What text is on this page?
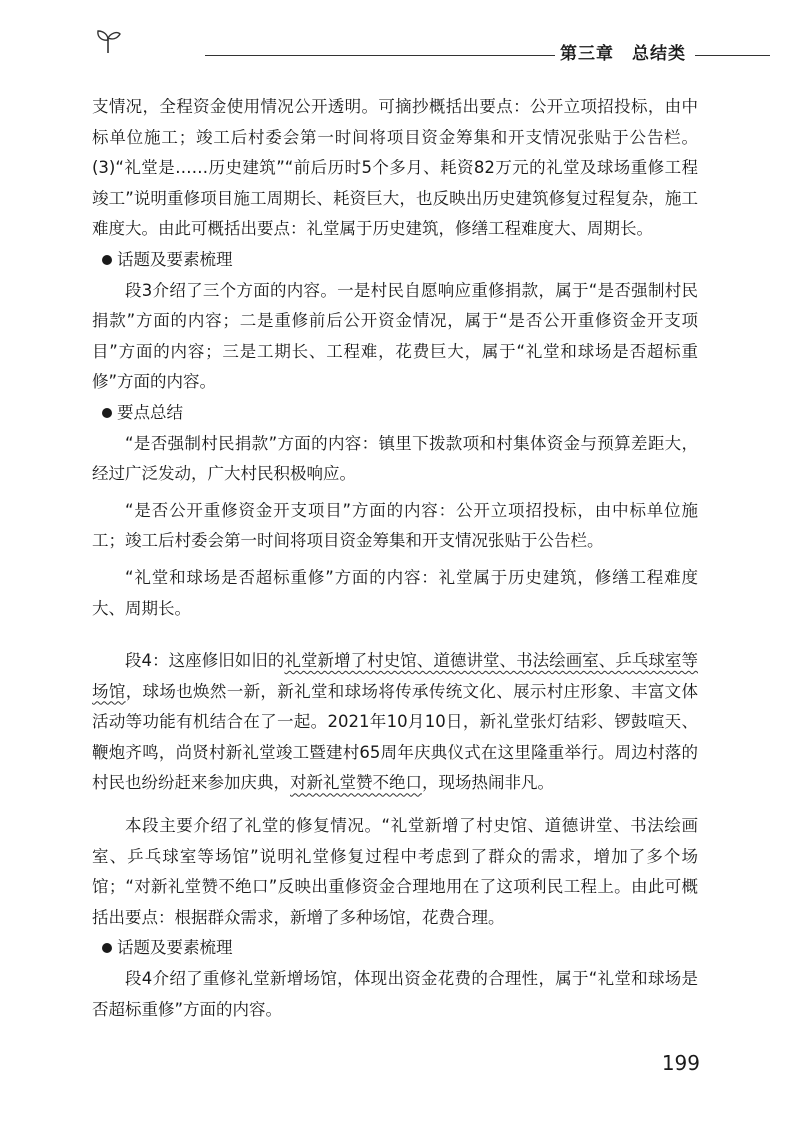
第三章　总结类

支情况，全程资金使用情况公开透明。可摘抄概括出要点：公开立项招投标，由中标单位施工；竣工后村委会第一时间将项目资金筹集和开支情况张贴于公告栏。(3)“礼堂是……历史建筑”“前后历时5个多月、耗资82万元的礼堂及球场重修工程竣工”说明重修项目施工周期长、耗资巨大，也反映出历史建筑修复过程复杂，施工难度大。由此可概括出要点：礼堂属于历史建筑，修缮工程难度大、周期长。

话题及要素梳理

段3介绍了三个方面的内容。一是村民自愿响应重修捐款，属于“是否强制村民捐款”方面的内容；二是重修前后公开资金情况，属于“是否公开重修资金开支项目”方面的内容；三是工期长、工程难，花费巨大，属于“礼堂和球场是否超标重修”方面的内容。

要点总结

“是否强制村民捐款”方面的内容：镇里下拨款项和村集体资金与预算差距大，经过广泛发动，广大村民积极响应。

“是否公开重修资金开支项目”方面的内容：公开立项招投标，由中标单位施工；竣工后村委会第一时间将项目资金筹集和开支情况张贴于公告栏。

“礼堂和球场是否超标重修”方面的内容：礼堂属于历史建筑，修缮工程难度大、周期长。

段4：这座修旧如旧的礼堂新增了村史馆、道德讲堂、书法绘画室、乒乓球室等场馆，球场也焕然一新，新礼堂和球场将传承传统文化、展示村庄形象、丰富文体活动等功能有机结合在了一起。2021年10月10日，新礼堂张灯结彩、锣鼓喧天、鞭炮齐鸣，尚贤村新礼堂竣工暨建村65周年庆典仪式在这里隆重举行。周边村落的村民也纷纷赶来参加庆典，对新礼堂赞不绝口，现场热闹非凡。

本段主要介绍了礼堂的修复情况。“礼堂新增了村史馆、道德讲堂、书法绘画室、乒乓球室等场馆”说明礼堂修复过程中考虑到了群众的需求，增加了多个场馆；“对新礼堂赞不绝口”反映出重修资金合理地用在了这项利民工程上。由此可概括出要点：根据群众需求，新增了多种场馆，花费合理。

话题及要素梳理

段4介绍了重修礼堂新增场馆，体现出资金花费的合理性，属于“礼堂和球场是否超标重修”方面的内容。

199
